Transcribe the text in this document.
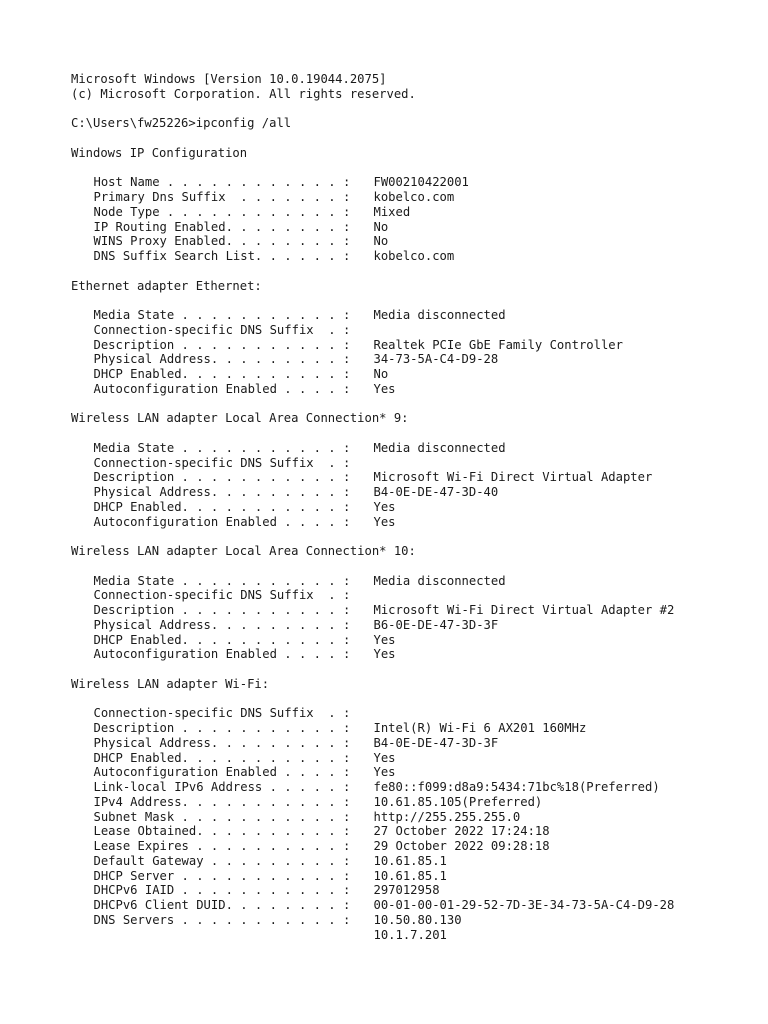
Microsoft Windows [Version 10.0.19044.2075]
(c) Microsoft Corporation. All rights reserved.
C:\Users\fw25226>ipconfig /all
Windows IP Configuration
Host Name . . . . . . . . . . . . :	FW00210422001
Primary Dns Suffix  . . . . . . . :	kobelco.com
Node Type . . . . . . . . . . . . :	Mixed
IP Routing Enabled. . . . . . . . :	No
WINS Proxy Enabled. . . . . . . . :	No
DNS Suffix Search List. . . . . . :	kobelco.com
Ethernet adapter Ethernet:
Media State . . . . . . . . . . . :	Media disconnected
Connection-specific DNS Suffix  . :
Description . . . . . . . . . . . :	Realtek PCIe GbE Family Controller
Physical Address. . . . . . . . . :	34-73-5A-C4-D9-28
DHCP Enabled. . . . . . . . . . . :	No
Autoconfiguration Enabled . . . . :	Yes
Wireless LAN adapter Local Area Connection* 9:
Media State . . . . . . . . . . . :	Media disconnected
Connection-specific DNS Suffix  . :
Description . . . . . . . . . . . :	Microsoft Wi-Fi Direct Virtual Adapter
Physical Address. . . . . . . . . :	B4-0E-DE-47-3D-40
DHCP Enabled. . . . . . . . . . . :	Yes
Autoconfiguration Enabled . . . . :	Yes
Wireless LAN adapter Local Area Connection* 10:
Media State . . . . . . . . . . . :	Media disconnected
Connection-specific DNS Suffix  . :
Description . . . . . . . . . . . :	Microsoft Wi-Fi Direct Virtual Adapter #2
Physical Address. . . . . . . . . :	B6-0E-DE-47-3D-3F
DHCP Enabled. . . . . . . . . . . :	Yes
Autoconfiguration Enabled . . . . :	Yes
Wireless LAN adapter Wi-Fi:
Connection-specific DNS Suffix  . :
Description . . . . . . . . . . . :	Intel(R) Wi-Fi 6 AX201 160MHz
Physical Address. . . . . . . . . :	B4-0E-DE-47-3D-3F
DHCP Enabled. . . . . . . . . . . :	Yes
Autoconfiguration Enabled . . . . :	Yes
Link-local IPv6 Address . . . . . :	fe80::f099:d8a9:5434:71bc%18(Preferred)
IPv4 Address. . . . . . . . . . . :	10.61.85.105(Preferred)
Subnet Mask . . . . . . . . . . . :	http://255.255.255.0
Lease Obtained. . . . . . . . . . :	27 October 2022 17:24:18
Lease Expires . . . . . . . . . . :	29 October 2022 09:28:18
Default Gateway . . . . . . . . . :	10.61.85.1
DHCP Server . . . . . . . . . . . :	10.61.85.1
DHCPv6 IAID . . . . . . . . . . . :	297012958
DHCPv6 Client DUID. . . . . . . . :	00-01-00-01-29-52-7D-3E-34-73-5A-C4-D9-28
DNS Servers . . . . . . . . . . . :	10.50.80.130
10.1.7.201
